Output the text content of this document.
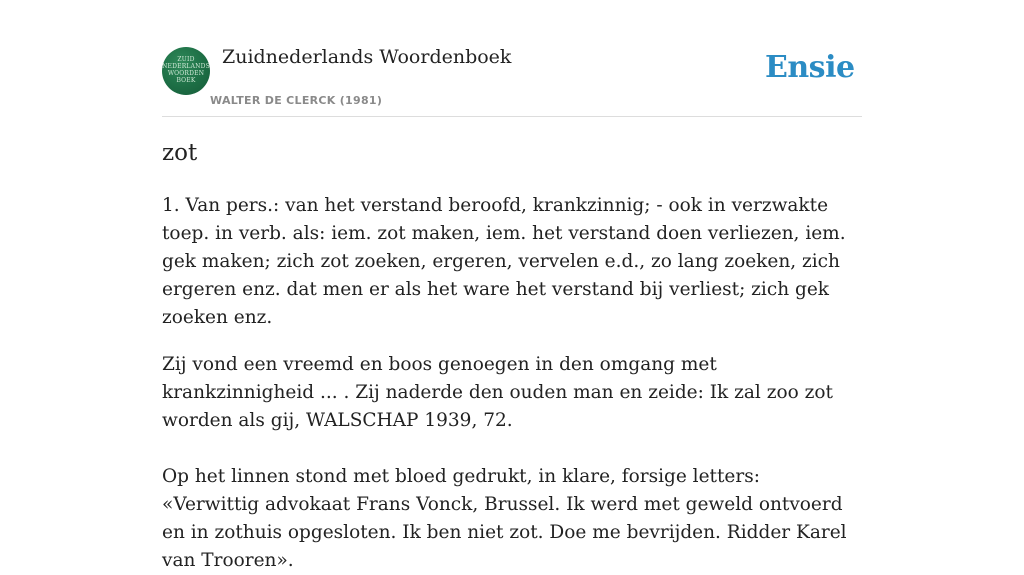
ZUID
NEDERLANDS
WOORDEN
BOEK
Zuidnederlands Woordenboek
WALTER DE CLERCK (1981)
Ensie
zot

1. Van pers.: van het verstand beroofd, krankzinnig; - ook in verzwakte toep. in verb. als: iem. zot maken, iem. het verstand doen verliezen, iem. gek maken; zich zot zoeken, ergeren, vervelen e.d., zo lang zoeken, zich ergeren enz. dat men er als het ware het verstand bij verliest; zich gek zoeken enz.

Zij vond een vreemd en boos genoegen in den omgang met krankzinnigheid ... . Zij naderde den ouden man en zeide: Ik zal zoo zot worden als gij, WALSCHAP 1939, 72.

Op het linnen stond met bloed gedrukt, in klare, forsige letters: «Verwittig advokaat Frans Vonck, Brussel. Ik werd met geweld ontvoerd en in zothuis opgesloten. Ik ben niet zot. Doe me bevrijden. Ridder Karel van Trooren».
